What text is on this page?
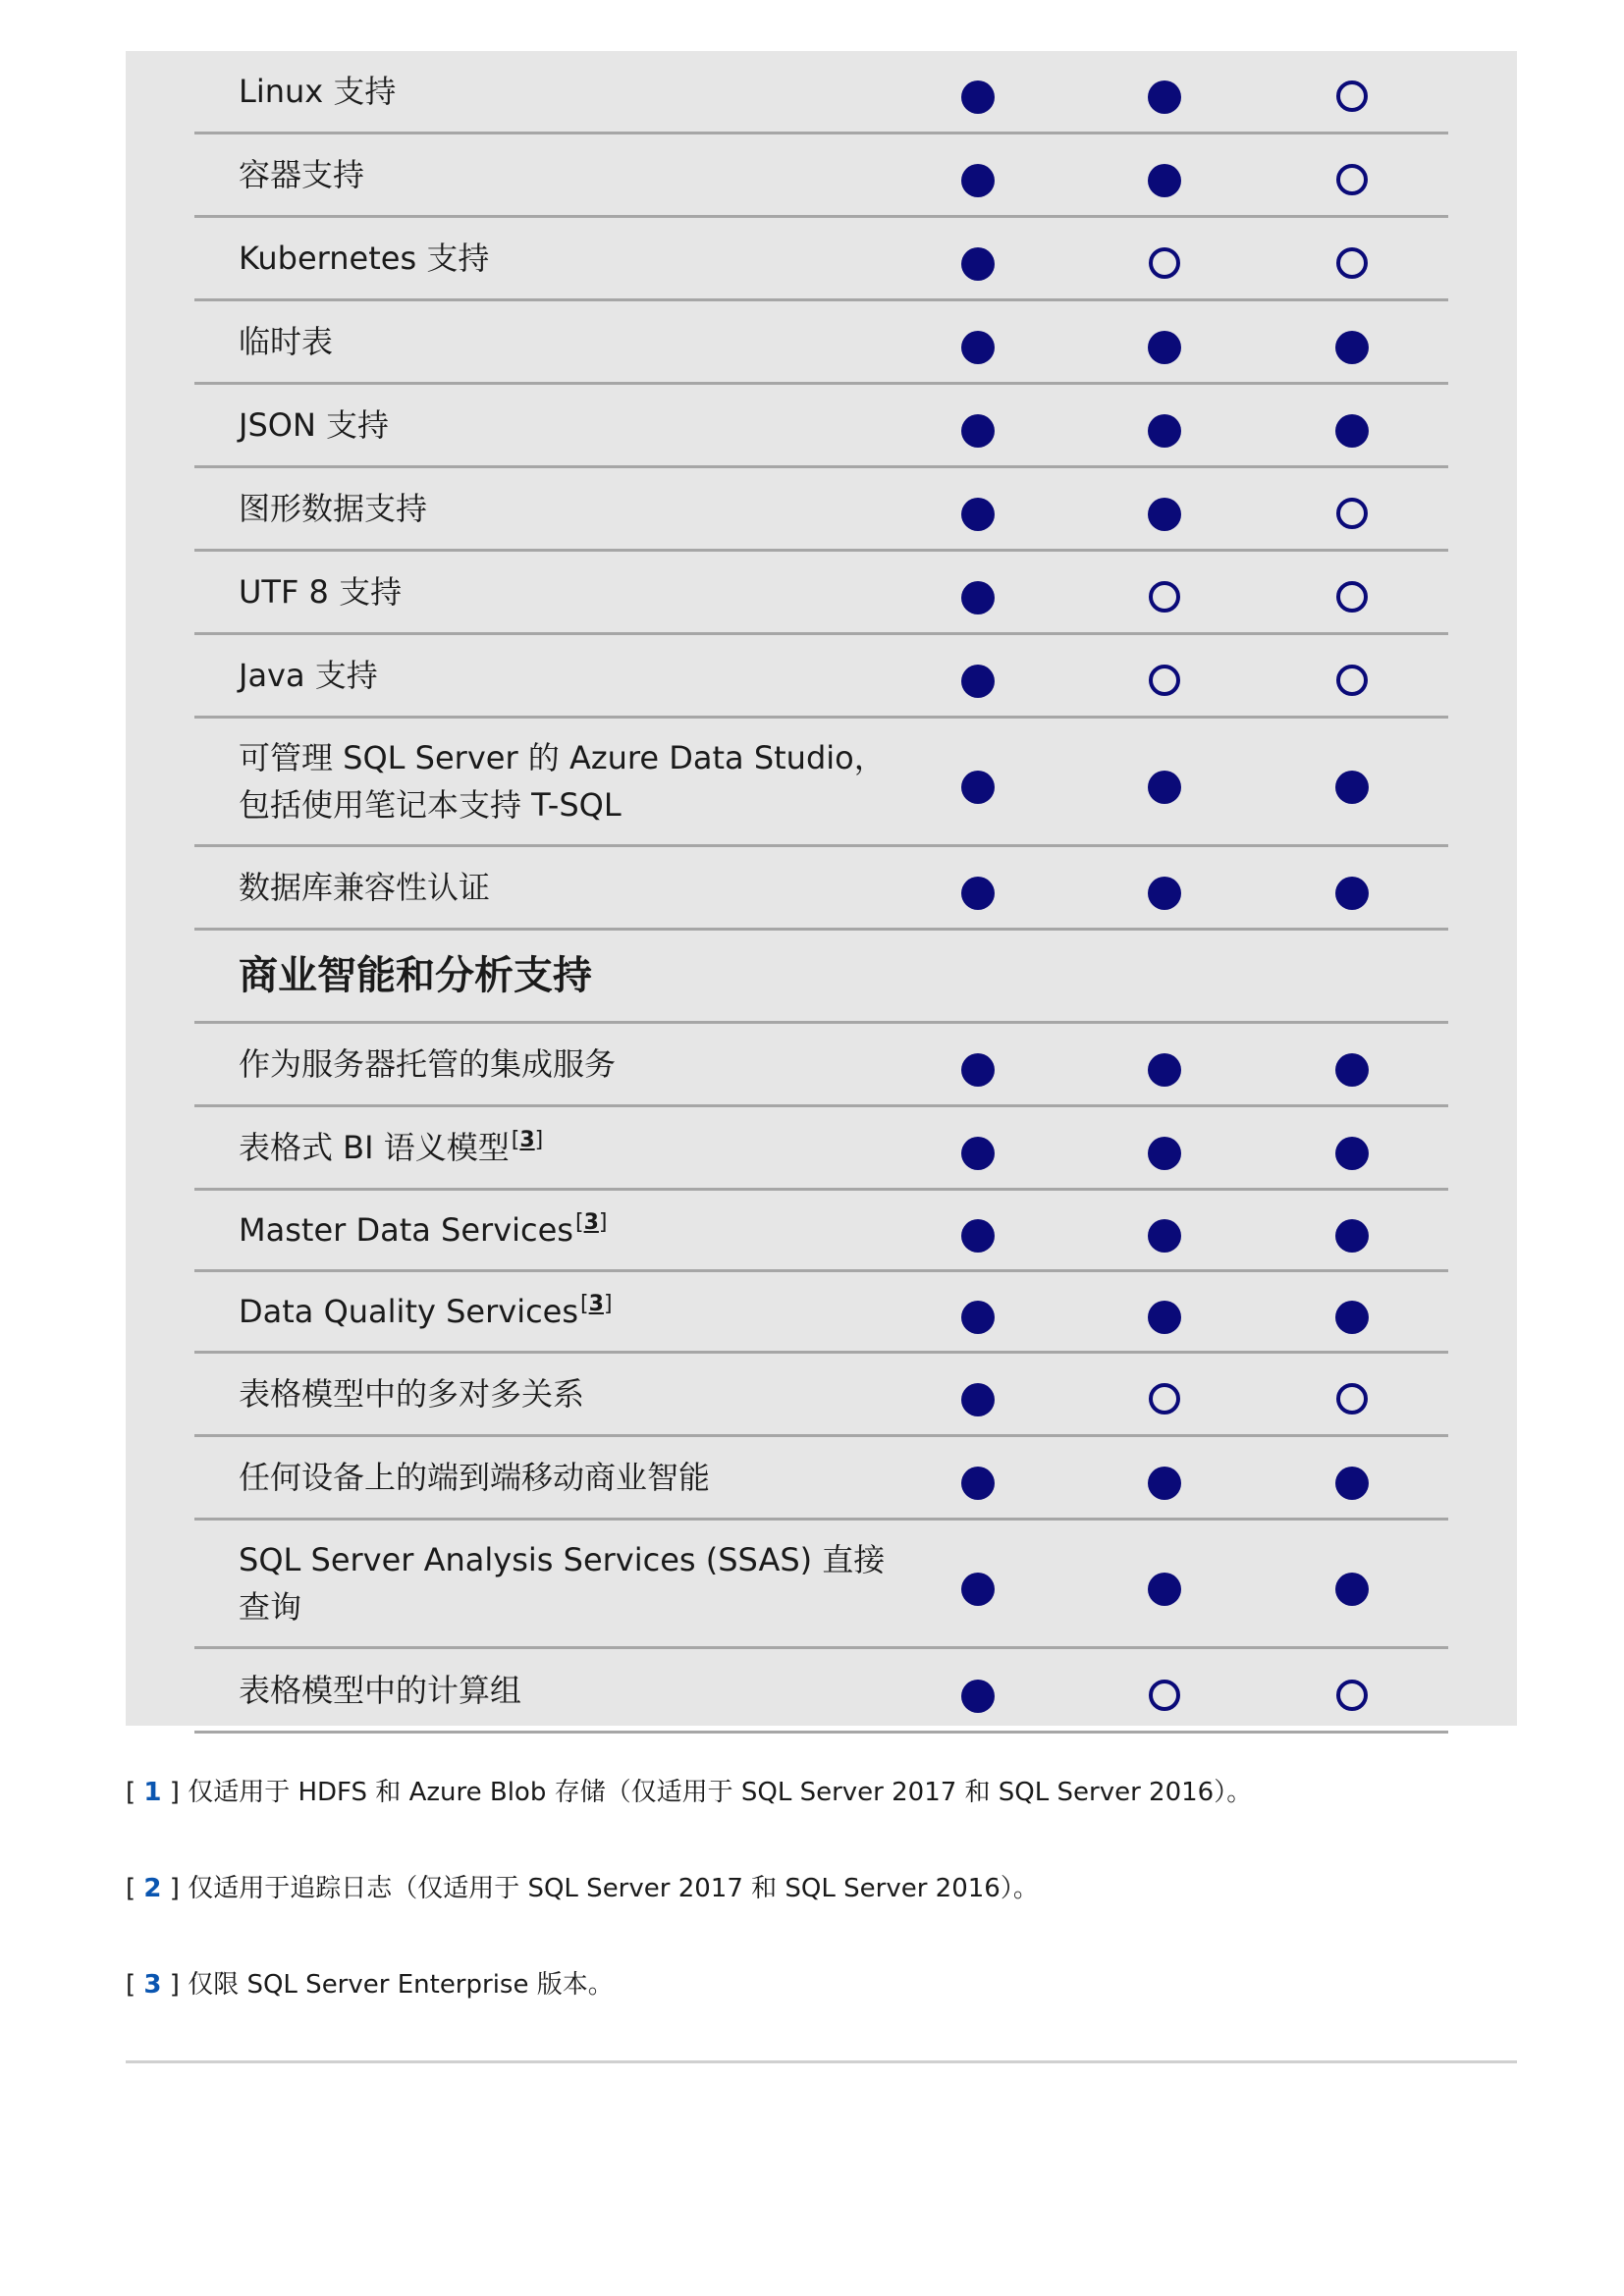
Linux 支持
容器支持
Kubernetes 支持
临时表
JSON 支持
图形数据支持
UTF 8 支持
Java 支持
可管理 SQL Server 的 Azure Data Studio，包括使用笔记本支持 T-SQL
数据库兼容性认证
商业智能和分析支持
作为服务器托管的集成服务
表格式 BI 语义模型[3]
Master Data Services[3]
Data Quality Services[3]
表格模型中的多对多关系
任何设备上的端到端移动商业智能
SQL Server Analysis Services (SSAS) 直接查询
表格模型中的计算组
[ 1 ] 仅适用于 HDFS 和 Azure Blob 存储（仅适用于 SQL Server 2017 和 SQL Server 2016）。
[ 2 ] 仅适用于追踪日志（仅适用于 SQL Server 2017 和 SQL Server 2016）。
[ 3 ] 仅限 SQL Server Enterprise 版本。
